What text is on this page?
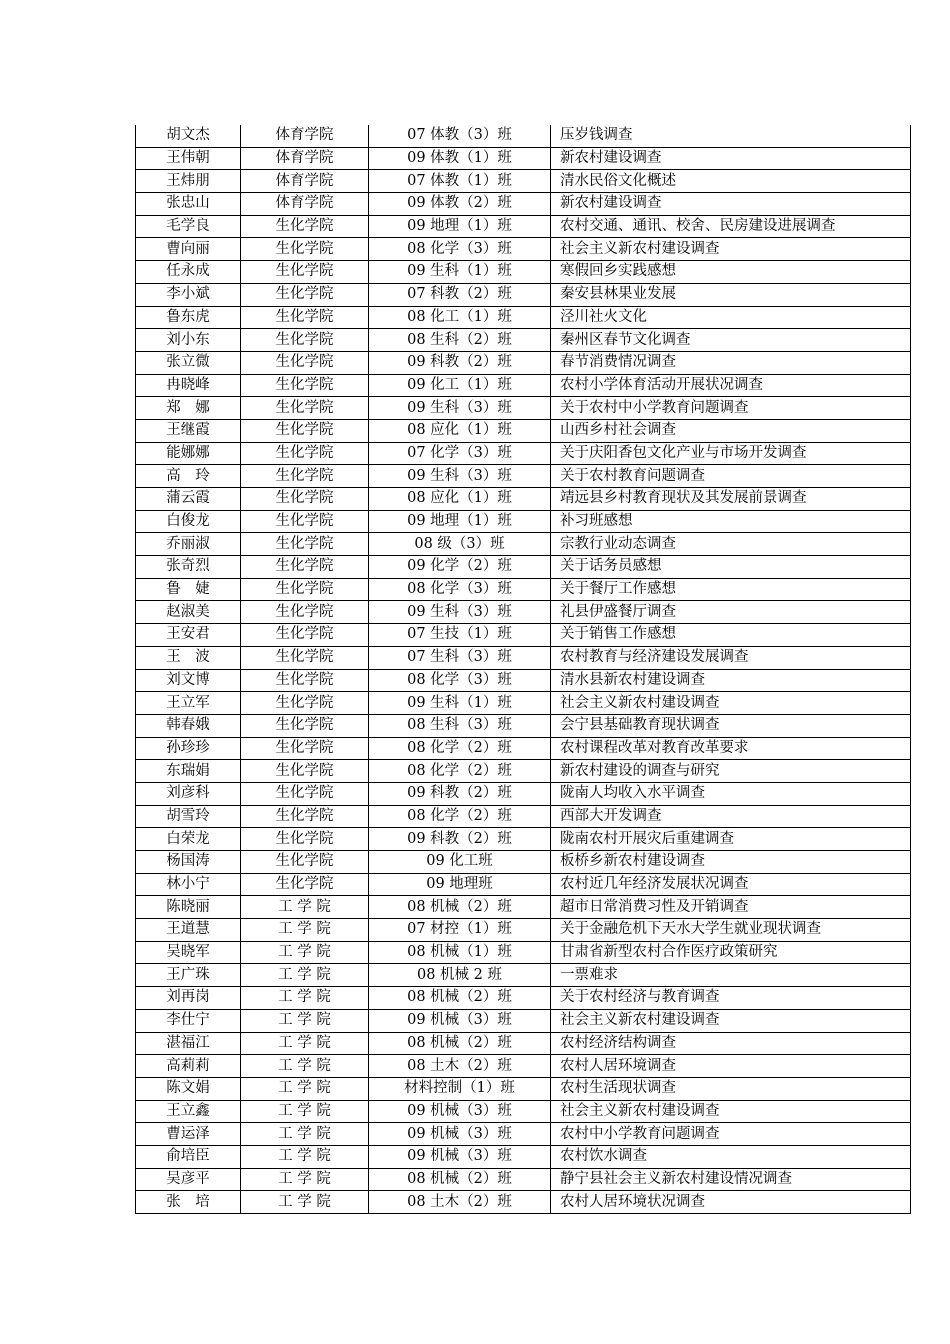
胡文杰	体育学院	07 体教（3）班	压岁钱调查
王伟朝	体育学院	09 体教（1）班	新农村建设调查
王炜朋	体育学院	07 体教（1）班	清水民俗文化概述
张忠山	体育学院	09 体教（2）班	新农村建设调查
毛学良	生化学院	09 地理（1）班	农村交通、通讯、校舍、民房建设进展调查
曹向丽	生化学院	08 化学（3）班	社会主义新农村建设调查
任永成	生化学院	09 生科（1）班	寒假回乡实践感想
李小斌	生化学院	07 科教（2）班	秦安县林果业发展
鲁东虎	生化学院	08 化工（1）班	泾川社火文化
刘小东	生化学院	08 生科（2）班	秦州区春节文化调查
张立微	生化学院	09 科教（2）班	春节消费情况调查
冉晓峰	生化学院	09 化工（1）班	农村小学体育活动开展状况调查
郑　娜	生化学院	09 生科（3）班	关于农村中小学教育问题调查
王继霞	生化学院	08 应化（1）班	山西乡村社会调查
能娜娜	生化学院	07 化学（3）班	关于庆阳香包文化产业与市场开发调查
高　玲	生化学院	09 生科（3）班	关于农村教育问题调查
蒲云霞	生化学院	08 应化（1）班	靖远县乡村教育现状及其发展前景调查
白俊龙	生化学院	09 地理（1）班	补习班感想
乔丽淑	生化学院	08 级（3）班	宗教行业动态调查
张奇烈	生化学院	09 化学（2）班	关于话务员感想
鲁　婕	生化学院	08 化学（3）班	关于餐厅工作感想
赵淑美	生化学院	09 生科（3）班	礼县伊盛餐厅调查
王安君	生化学院	07 生技（1）班	关于销售工作感想
王　波	生化学院	07 生科（3）班	农村教育与经济建设发展调查
刘文博	生化学院	08 化学（3）班	清水县新农村建设调查
王立军	生化学院	09 生科（1）班	社会主义新农村建设调查
韩春娥	生化学院	08 生科（3）班	会宁县基础教育现状调查
孙珍珍	生化学院	08 化学（2）班	农村课程改革对教育改革要求
东瑞娟	生化学院	08 化学（2）班	新农村建设的调查与研究
刘彦科	生化学院	09 科教（2）班	陇南人均收入水平调查
胡雪玲	生化学院	08 化学（2）班	西部大开发调查
白荣龙	生化学院	09 科教（2）班	陇南农村开展灾后重建调查
杨国涛	生化学院	09 化工班	板桥乡新农村建设调查
林小宁	生化学院	09 地理班	农村近几年经济发展状况调查
陈晓丽	工 学 院	08 机械（2）班	超市日常消费习性及开销调查
王道慧	工 学 院	07 材控（1）班	关于金融危机下天水大学生就业现状调查
吴晓军	工 学 院	08 机械（1）班	甘肃省新型农村合作医疗政策研究
王广珠	工 学 院	08 机械 2 班	一票难求
刘再岗	工 学 院	08 机械（2）班	关于农村经济与教育调查
李仕宁	工 学 院	09 机械（3）班	社会主义新农村建设调查
湛福江	工 学 院	08 机械（2）班	农村经济结构调查
高莉莉	工 学 院	08 土木（2）班	农村人居环境调查
陈文娟	工 学 院	材料控制（1）班	农村生活现状调查
王立鑫	工 学 院	09 机械（3）班	社会主义新农村建设调查
曹运泽	工 学 院	09 机械（3）班	农村中小学教育问题调查
俞培臣	工 学 院	09 机械（3）班	农村饮水调查
吴彦平	工 学 院	08 机械（2）班	静宁县社会主义新农村建设情况调查
张　培	工 学 院	08 土木（2）班	农村人居环境状况调查
